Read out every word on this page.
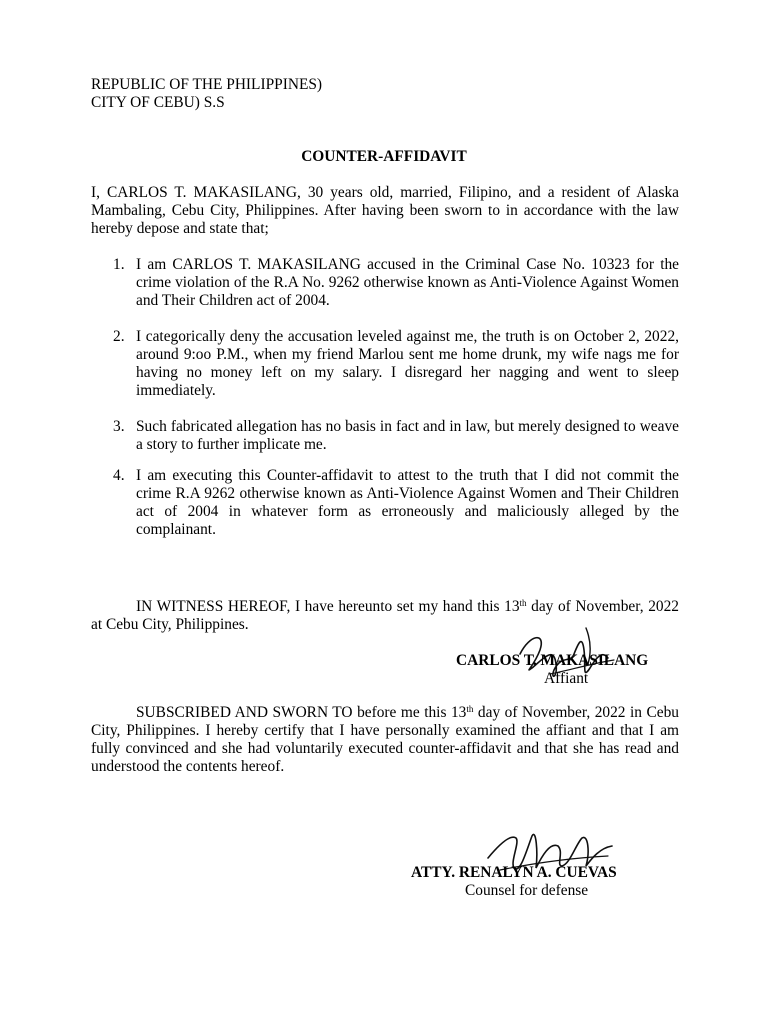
REPUBLIC OF THE PHILIPPINES)
CITY OF CEBU) S.S
COUNTER-AFFIDAVIT
I, CARLOS T. MAKASILANG, 30 years old, married, Filipino, and a resident of Alaska Mambaling, Cebu City, Philippines. After having been sworn to in accordance with the law hereby depose and state that;
1. I am CARLOS T. MAKASILANG accused in the Criminal Case No. 10323 for the crime violation of the R.A No. 9262 otherwise known as Anti-Violence Against Women and Their Children act of 2004.
2. I categorically deny the accusation leveled against me, the truth is on October 2, 2022, around 9:oo P.M., when my friend Marlou sent me home drunk, my wife nags me for having no money left on my salary. I disregard her nagging and went to sleep immediately.
3. Such fabricated allegation has no basis in fact and in law, but merely designed to weave a story to further implicate me.
4. I am executing this Counter-affidavit to attest to the truth that I did not commit the crime R.A 9262 otherwise known as Anti-Violence Against Women and Their Children act of 2004 in whatever form as erroneously and maliciously alleged by the complainant.
IN WITNESS HEREOF, I have hereunto set my hand this 13th day of November, 2022 at Cebu City, Philippines.
CARLOS T. MAKASILANG
Affiant
SUBSCRIBED AND SWORN TO before me this 13th day of November, 2022 in Cebu City, Philippines. I hereby certify that I have personally examined the affiant and that I am fully convinced and she had voluntarily executed counter-affidavit and that she has read and understood the contents hereof.
ATTY. RENALYN A. CUEVAS
Counsel for defense
